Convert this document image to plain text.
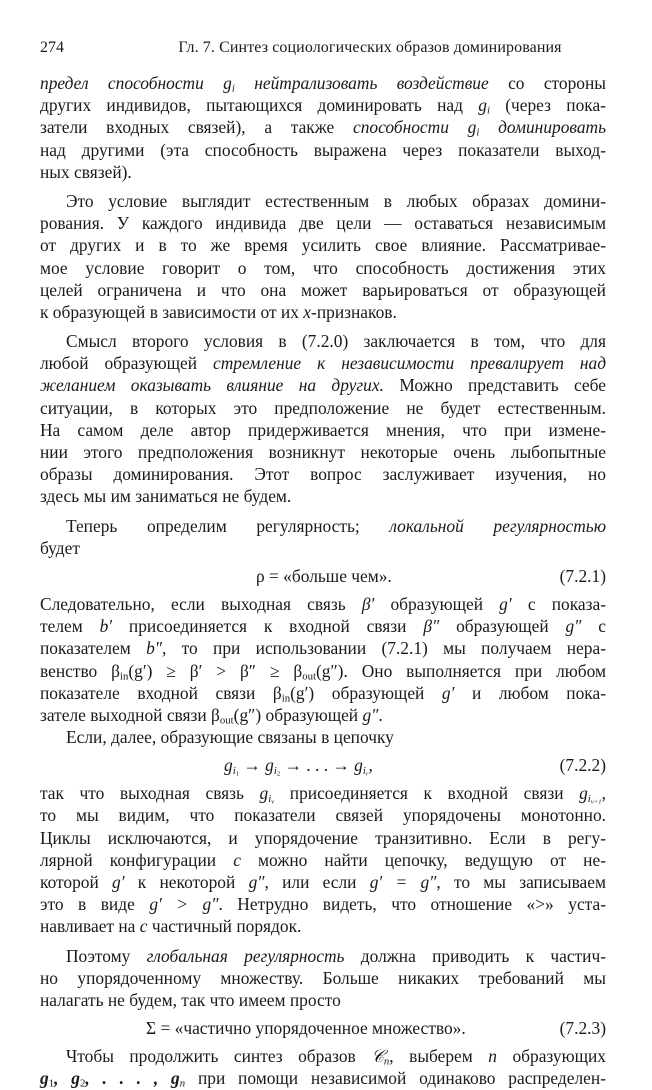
274	Гл. 7. Синтез социологических образов доминирования
предел способности $g_i$ нейтрализовать воздействие со стороны
других индивидов, пытающихся доминировать над $g_i$ (через пока-
затели входных связей), а также способности $g_i$ доминировать
над другими (эта способность выражена через показатели выход-
ных связей).
Это условие выглядит естественным в любых образах домини-
рования. У каждого индивида две цели — оставаться независимым
от других и в то же время усилить свое влияние. Рассматривае-
мое условие говорит о том, что способность достижения этих
целей ограничена и что она может варьироваться от образующей
к образующей в зависимости от их x-признаков.
Смысл второго условия в (7.2.0) заключается в том, что для
любой образующей стремление к независимости превалирует над
желанием оказывать влияние на других. Можно представить себе
ситуации, в которых это предположение не будет естественным.
На самом деле автор придерживается мнения, что при измене-
нии этого предположения возникнут некоторые очень лыбопытные
образы доминирования. Этот вопрос заслуживает изучения, но
здесь мы им заниматься не будем.
Теперь определим регулярность; локальной регулярностью
будет
ρ = «больше чем».	(7.2.1)
Следовательно, если выходная связь β′ образующей g′ с показа-
телем b′ присоединяется к входной связи β″ образующей g″ с
показателем b″, то при использовании (7.2.1) мы получаем нера-
венство $\beta_{in}(g') \ge \beta' > \beta'' \ge \beta_{out}(g'')$. Оно выполняется при любом
показателе входной связи $\beta_{in}(g')$ образующей g′ и любом пока-
зателе выходной связи $\beta_{out}(g'')$ образующей g″.
Если, далее, образующие связаны в цепочку
$g_{i_1} \to g_{i_2}$ → . . . → $g_{i_r}$,	(7.2.2)
так что выходная связь $g_{i_\nu}$ присоединяется к входной связи $g_{i_{\nu+1}}$,
то мы видим, что показатели связей упорядочены монотонно.
Циклы исключаются, и упорядочение транзитивно. Если в регу-
лярной конфигурации c можно найти цепочку, ведущую от не-
которой g′ к некоторой g″, или если g′ = g″, то мы записываем
это в виде g′ > g″. Нетрудно видеть, что отношение «>» уста-
навливает на c частичный порядок.
Поэтому глобальная регулярность должна приводить к частич-
но упорядоченному множеству. Больше никаких требований мы
налагать не будем, так что имеем просто
Σ = «частично упорядоченное множество».	(7.2.3)
Чтобы продолжить синтез образов 𝒞$_n$, выберем n образующих
$g_1$, $g_2$, . . . , $g_n$ при помощи независимой одинаково распределен-
